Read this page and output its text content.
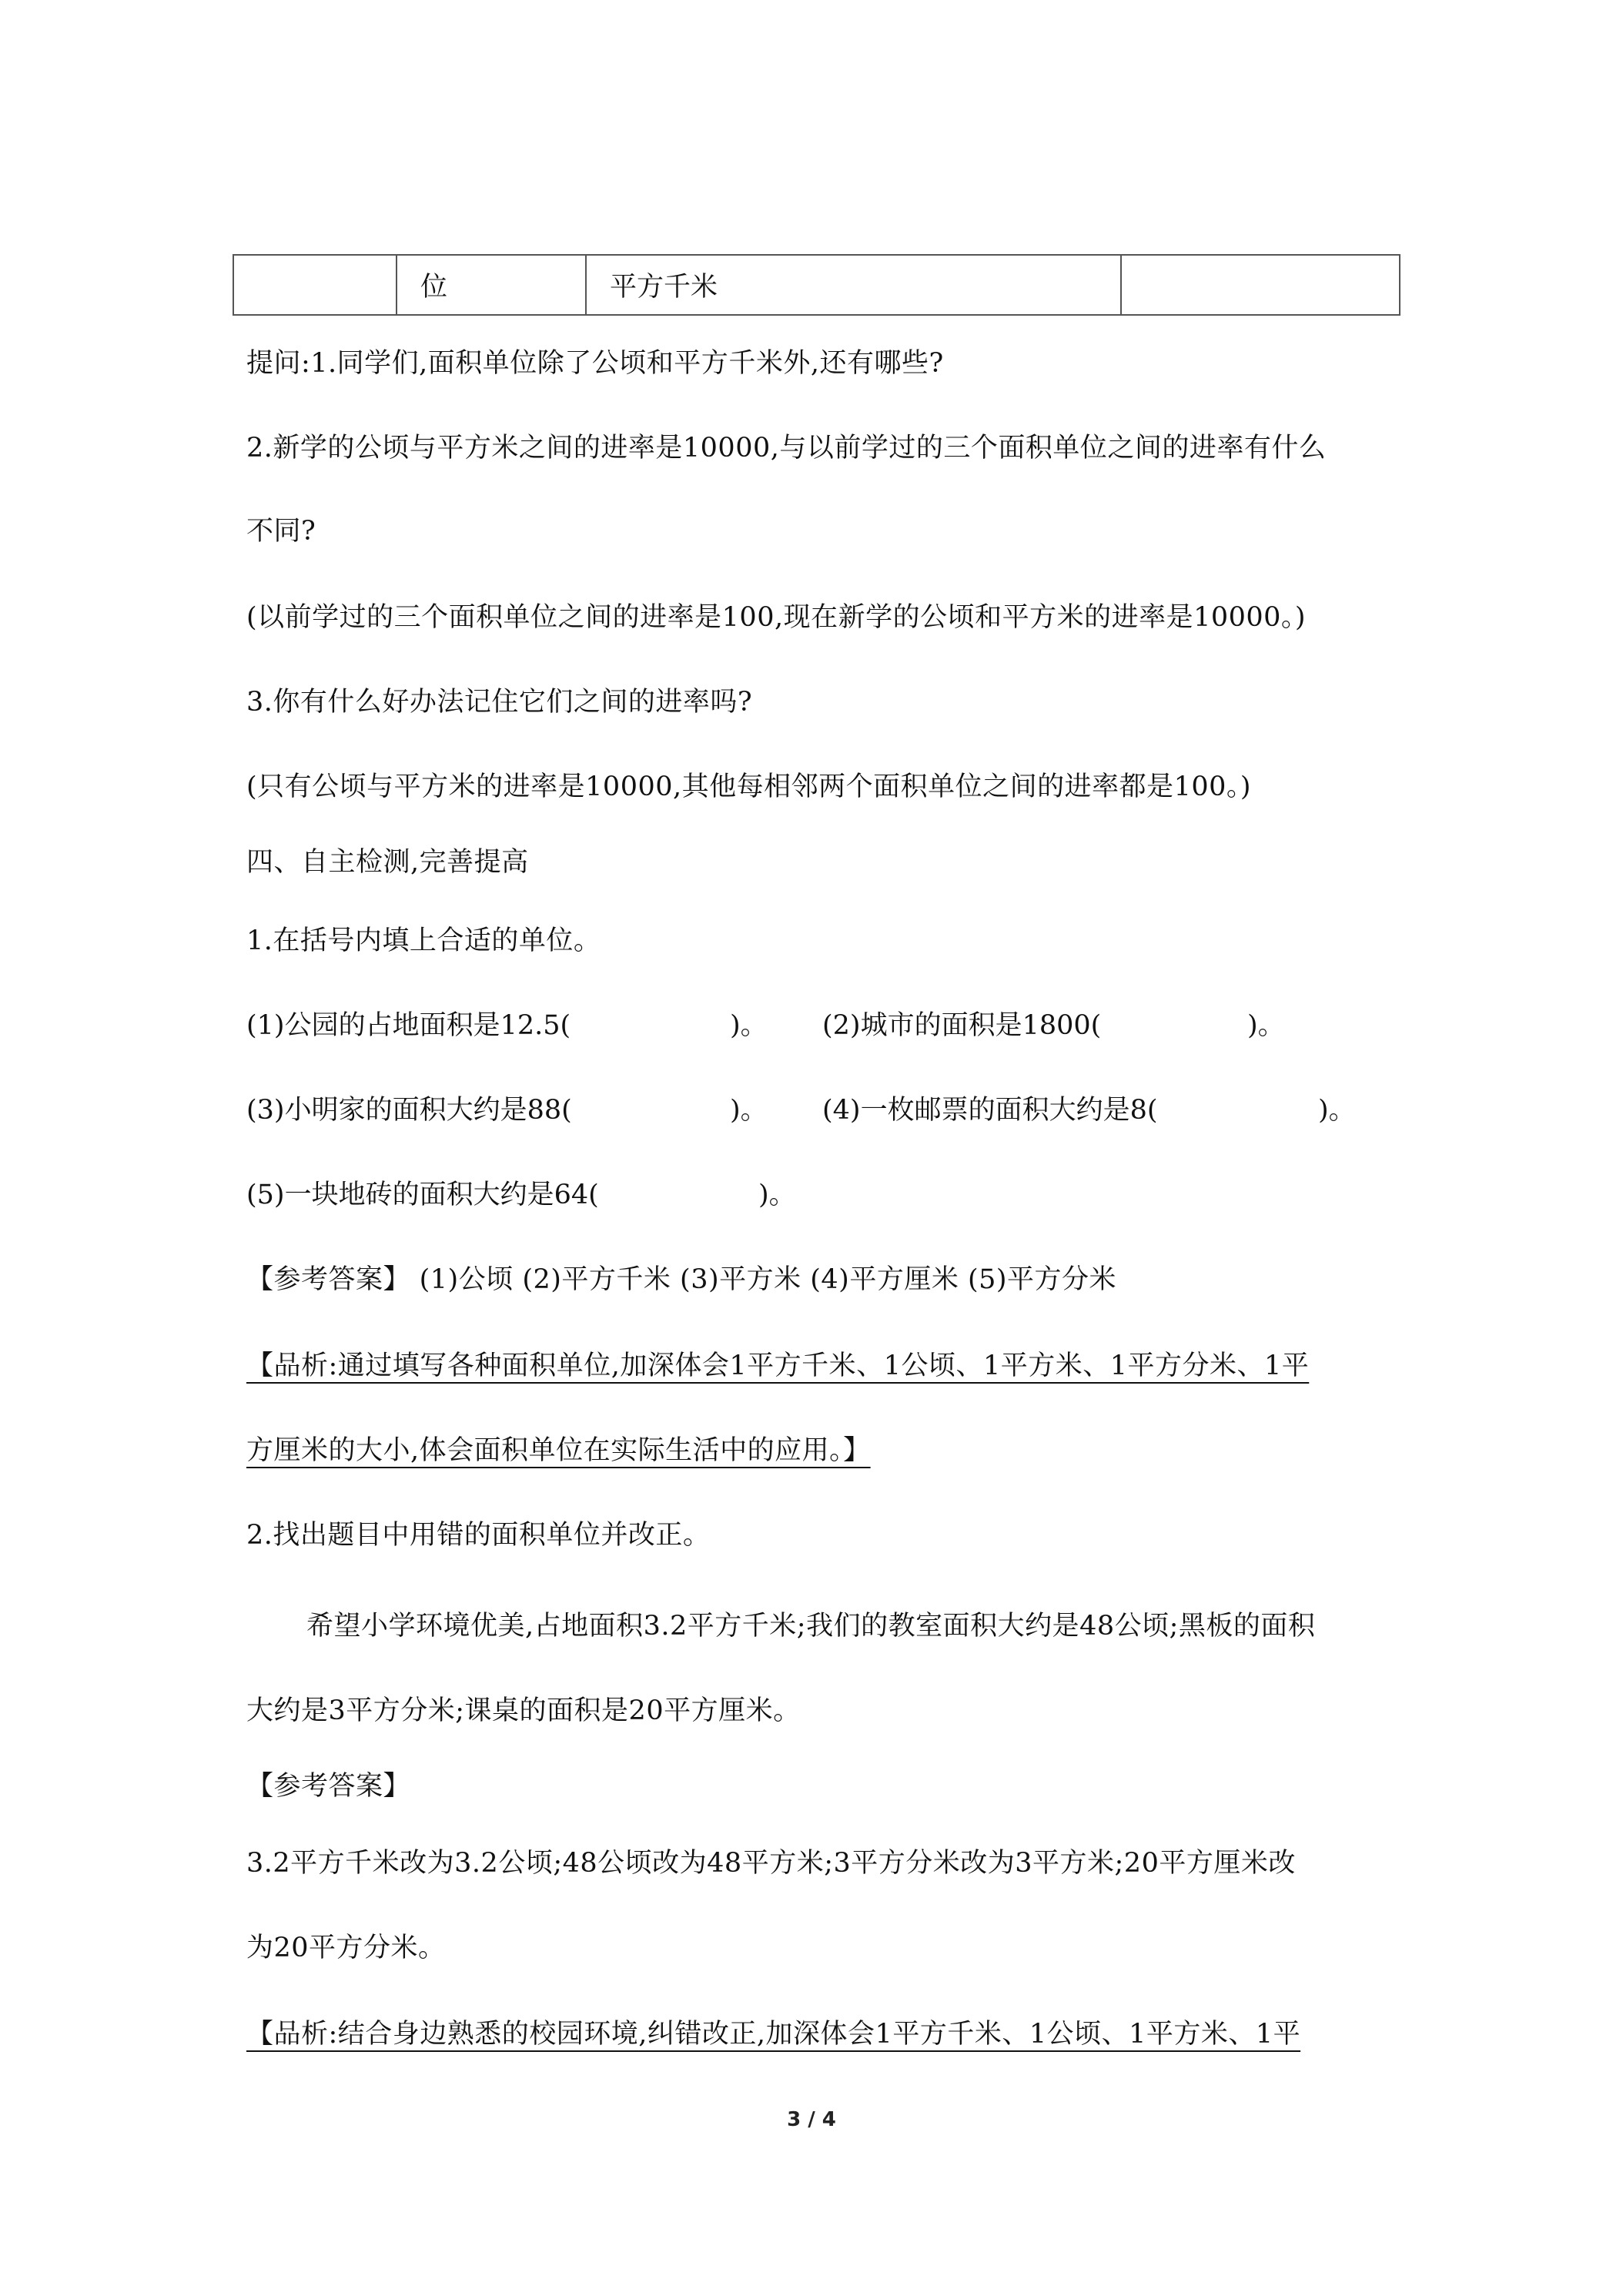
	位	平方千米	
提问:1.同学们,面积单位除了公顷和平方千米外,还有哪些?
2.新学的公顷与平方米之间的进率是10000,与以前学过的三个面积单位之间的进率有什么
不同?
(以前学过的三个面积单位之间的进率是100,现在新学的公顷和平方米的进率是10000。)
3.你有什么好办法记住它们之间的进率吗?
(只有公顷与平方米的进率是10000,其他每相邻两个面积单位之间的进率都是100。)
四、自主检测,完善提高
1.在括号内填上合适的单位。
(1)公园的占地面积是12.5(	)。 (2)城市的面积是1800(	)。
(3)小明家的面积大约是88(	)。 (4)一枚邮票的面积大约是8(	)。
(5)一块地砖的面积大约是64(	)。
【参考答案】 (1)公顷 (2)平方千米 (3)平方米 (4)平方厘米 (5)平方分米
【品析:通过填写各种面积单位,加深体会1平方千米、1公顷、1平方米、1平方分米、1平
方厘米的大小,体会面积单位在实际生活中的应用。】
2.找出题目中用错的面积单位并改正。
希望小学环境优美,占地面积3.2平方千米;我们的教室面积大约是48公顷;黑板的面积
大约是3平方分米;课桌的面积是20平方厘米。
【参考答案】
3.2平方千米改为3.2公顷;48公顷改为48平方米;3平方分米改为3平方米;20平方厘米改
为20平方分米。
【品析:结合身边熟悉的校园环境,纠错改正,加深体会1平方千米、1公顷、1平方米、1平
3 / 4
